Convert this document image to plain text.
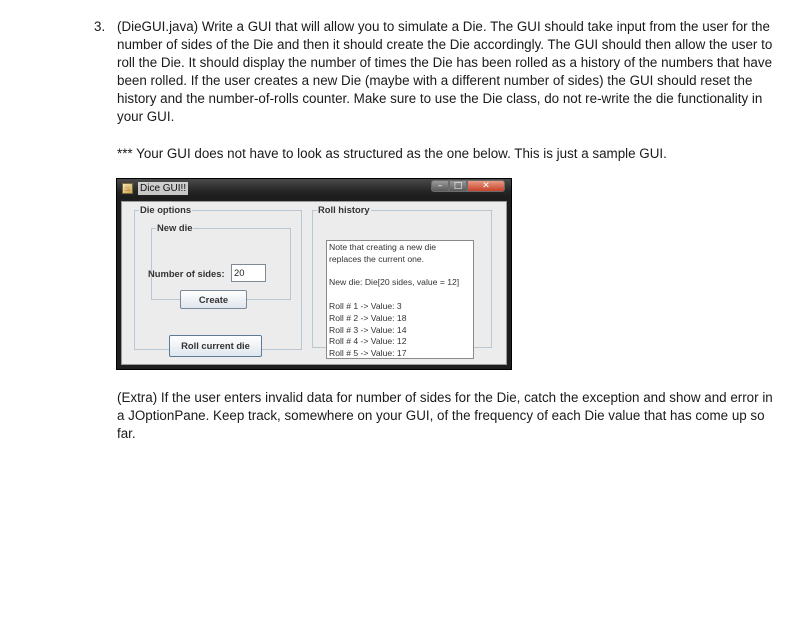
3. (DieGUI.java) Write a GUI that will allow you to simulate a Die. The GUI should take input from the user for the number of sides of the Die and then it should create the Die accordingly. The GUI should then allow the user to roll the Die. It should display the number of times the Die has been rolled as a history of the numbers that have been rolled. If the user creates a new Die (maybe with a different number of sides) the GUI should reset the history and the number-of-rolls counter. Make sure to use the Die class, do not re-write the die functionality in your GUI.
*** Your GUI does not have to look as structured as the one below. This is just a sample GUI.
♨ Dice GUI!!	–	□	✕
Die options
New die
Number of sides:	20
Create
Roll current die
Roll history
Note that creating a new die
replaces the current one.

New die: Die[20 sides, value = 12]

Roll # 1 -> Value: 3
Roll # 2 -> Value: 18
Roll # 3 -> Value: 14
Roll # 4 -> Value: 12
Roll # 5 -> Value: 17
(Extra) If the user enters invalid data for number of sides for the Die, catch the exception and show and error in a JOptionPane. Keep track, somewhere on your GUI, of the frequency of each Die value that has come up so far.
